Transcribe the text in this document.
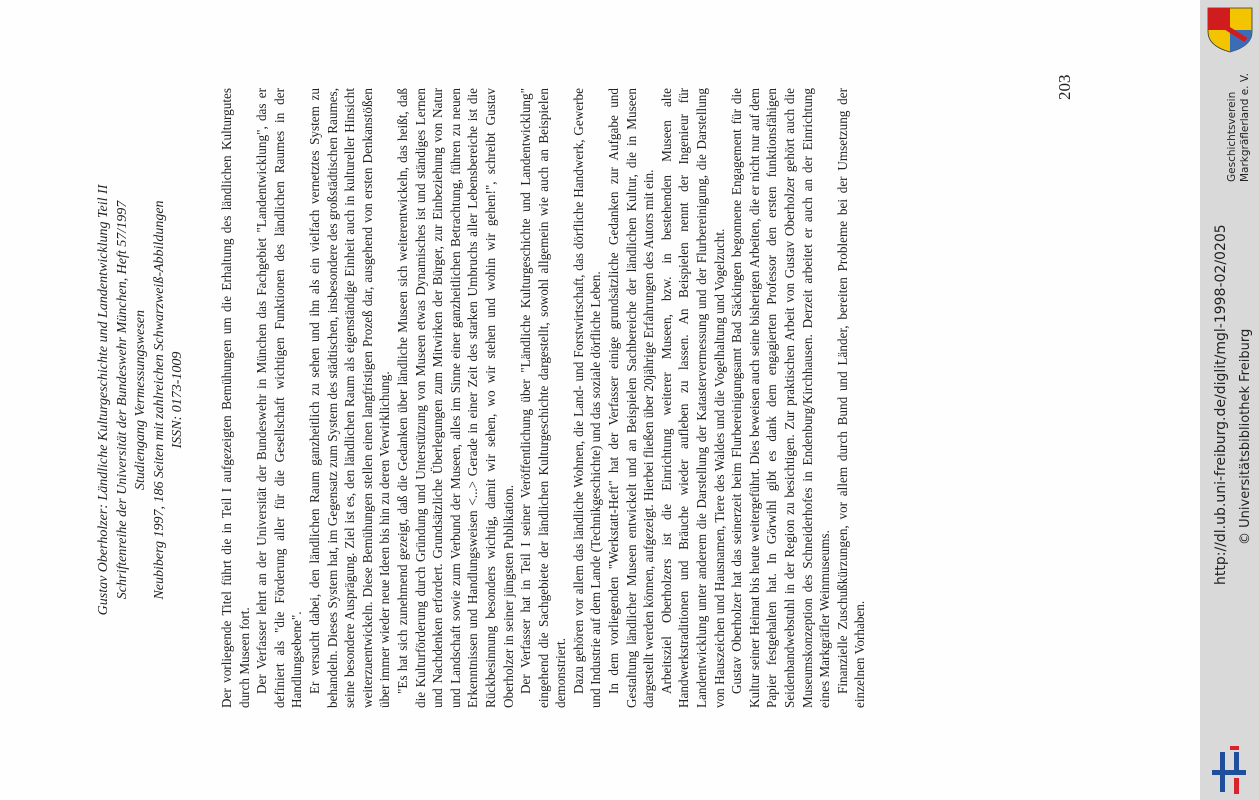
Gustav Oberholzer: Ländliche Kulturgeschichte und Landentwicklung Teil II Schriftenreihe der Universität der Bundeswehr München, Heft 57/1997 Studiengang Vermessungswesen Neubiberg 1997, 186 Seiten mit zahlreichen Schwarzweiß-Abbildungen ISSN: 0173-1009	Der vorliegende Titel führt die in Teil I aufgezeigten Bemühungen um die Erhaltung des ländlichen Kulturgutes durch Museen fort. Der Verfasser lehrt an der Universität der Bundeswehr in München das Fachgebiet "Landentwicklung", das er definiert als "die Förderung aller für die Gesellschaft wichtigen Funktionen des ländlichen Raumes in der Handlungsebene". Er versucht dabei, den ländlichen Raum ganzheitlich zu sehen und ihn als ein vielfach vernetztes System zu behandeln. Dieses System hat, im Gegensatz zum System des städtischen, insbesondere des großstädtischen Raumes, seine besondere Ausprägung. Ziel ist es, den ländlichen Raum als eigenständige Einheit auch in kultureller Hinsicht weiterzuentwickeln. Diese Bemühungen stellen einen langfristigen Prozeß dar, ausgehend von ersten Denkanstößen über immer wieder neue Ideen bis hin zu deren Verwirklichung. "Es hat sich zunehmend gezeigt, daß die Gedanken über ländliche Museen sich weiterentwickeln, das heißt, daß die Kulturförderung durch Gründung und Unterstützung von Museen etwas Dynamisches ist und ständiges Lernen und Nachdenken erfordert. Grundsätzliche Überlegungen zum Mitwirken der Bürger, zur Einbeziehung von Natur und Landschaft sowie zum Verbund der Museen, alles im Sinne einer ganzheitlichen Betrachtung, führen zu neuen Erkenntnissen und Handlungsweisen <...> Gerade in einer Zeit des starken Umbruchs aller Lebensbereiche ist die Rückbesinnung besonders wichtig, damit wir sehen, wo wir stehen und wohin wir gehen!", schreibt Gustav Oberholzer in seiner jüngsten Publikation. Der Verfasser hat in Teil I seiner Veröffentlichung über "Ländliche Kulturgeschichte und Landentwicklung" eingehend die Sachgebiete der ländlichen Kulturgeschichte dargestellt, sowohl allgemein wie auch an Beispielen demonstriert. Dazu gehören vor allem das ländliche Wohnen, die Land- und Forstwirtschaft, das dörfliche Handwerk, Gewerbe und Industrie auf dem Lande (Technikgeschichte) und das soziale dörfliche Leben. In dem vorliegenden "Werkstatt-Heft" hat der Verfasser einige grundsätzliche Gedanken zur Aufgabe und Gestaltung ländlicher Museen entwickelt und an Beispielen Sachbereiche der ländlichen Kultur, die in Museen dargestellt werden können, aufgezeigt. Hierbei fließen über 20jährige Erfahrungen des Autors mit ein. Arbeitsziel Oberholzers ist die Einrichtung weiterer Museen, bzw. in bestehenden Museen alte Handwerkstraditionen und Bräuche wieder aufleben zu lassen. An Beispielen nennt der Ingenieur für Landentwicklung unter anderem die Darstellung der Katastervermessung und der Flurbereinigung, die Darstellung von Hauszeichen und Hausnamen, Tiere des Waldes und die Vogelhaltung und Vogelzucht. Gustav Oberholzer hat das seinerzeit beim Flurbereinigungsamt Bad Säckingen begonnene Engagement für die Kultur seiner Heimat bis heute weitergeführt. Dies beweisen auch seine bisherigen Arbeiten, die er nicht nur auf dem Papier festgehalten hat. In Görwihl gibt es dank dem engagierten Professor den ersten funktionsfähigen Seidenbandwebstuhl in der Region zu besichtigen. Zur praktischen Arbeit von Gustav Oberholzer gehört auch die Museumskonzeption des Schneiderhofes in Endenburg/Kirchhausen. Derzeit arbeitet er auch an der Einrichtung eines Markgräfler Weinmuseums. Finanzielle Zuschußkürzungen, vor allem durch Bund und Länder, bereiten Probleme bei der Umsetzung der einzelnen Vorhaben.

203
http://dl.ub.uni-freiburg.de/diglit/mgl-1998-02/0205 © Universitätsbibliothek Freiburg
Geschichtsverein Markgräflerland e. V.
